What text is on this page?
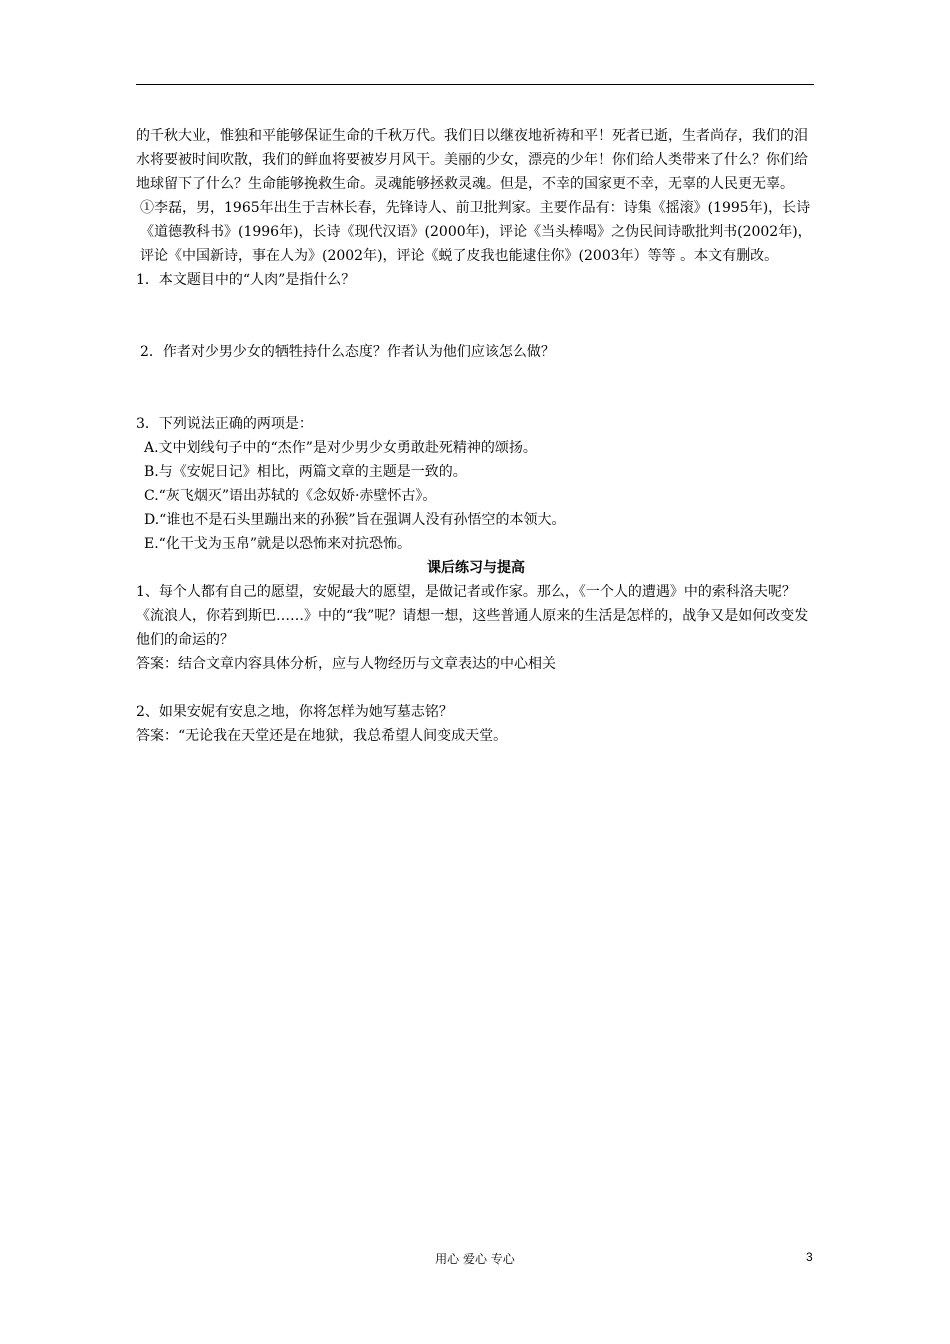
的千秋大业，惟独和平能够保证生命的千秋万代。我们日以继夜地祈祷和平！死者已逝，生者尚存，我们的泪水将要被时间吹散，我们的鲜血将要被岁月风干。美丽的少女，漂亮的少年！你们给人类带来了什么？你们给地球留下了什么？生命能够挽救生命。灵魂能够拯救灵魂。但是，不幸的国家更不幸，无辜的人民更无辜。

①李磊，男，1965年出生于吉林长春，先锋诗人、前卫批判家。主要作品有：诗集《摇滚》(1995年)，长诗《道德教科书》(1996年)，长诗《现代汉语》(2000年)，评论《当头棒喝》之伪民间诗歌批判书(2002年)，评论《中国新诗，事在人为》(2002年)，评论《蜕了皮我也能逮住你》(2003年）等等 。本文有删改。

1．本文题目中的“人肉”是指什么？

2．作者对少男少女的牺牲持什么态度？作者认为他们应该怎么做？

3．下列说法正确的两项是：

A.文中划线句子中的“杰作”是对少男少女勇敢赴死精神的颂扬。

B.与《安妮日记》相比，两篇文章的主题是一致的。

C.“灰飞烟灭”语出苏轼的《念奴娇·赤壁怀古》。

D.“谁也不是石头里蹦出来的孙猴”旨在强调人没有孙悟空的本领大。

E.“化干戈为玉帛”就是以恐怖来对抗恐怖。

课后练习与提高

1、每个人都有自己的愿望，安妮最大的愿望，是做记者或作家。那么，《一个人的遭遇》中的索科洛夫呢？《流浪人，你若到斯巴……》中的“我”呢？请想一想，这些普通人原来的生活是怎样的，战争又是如何改变发他们的命运的？

答案：结合文章内容具体分析，应与人物经历与文章表达的中心相关

2、如果安妮有安息之地，你将怎样为她写墓志铭？

答案：“无论我在天堂还是在地狱，我总希望人间变成天堂。

用心 爱心 专心	3
